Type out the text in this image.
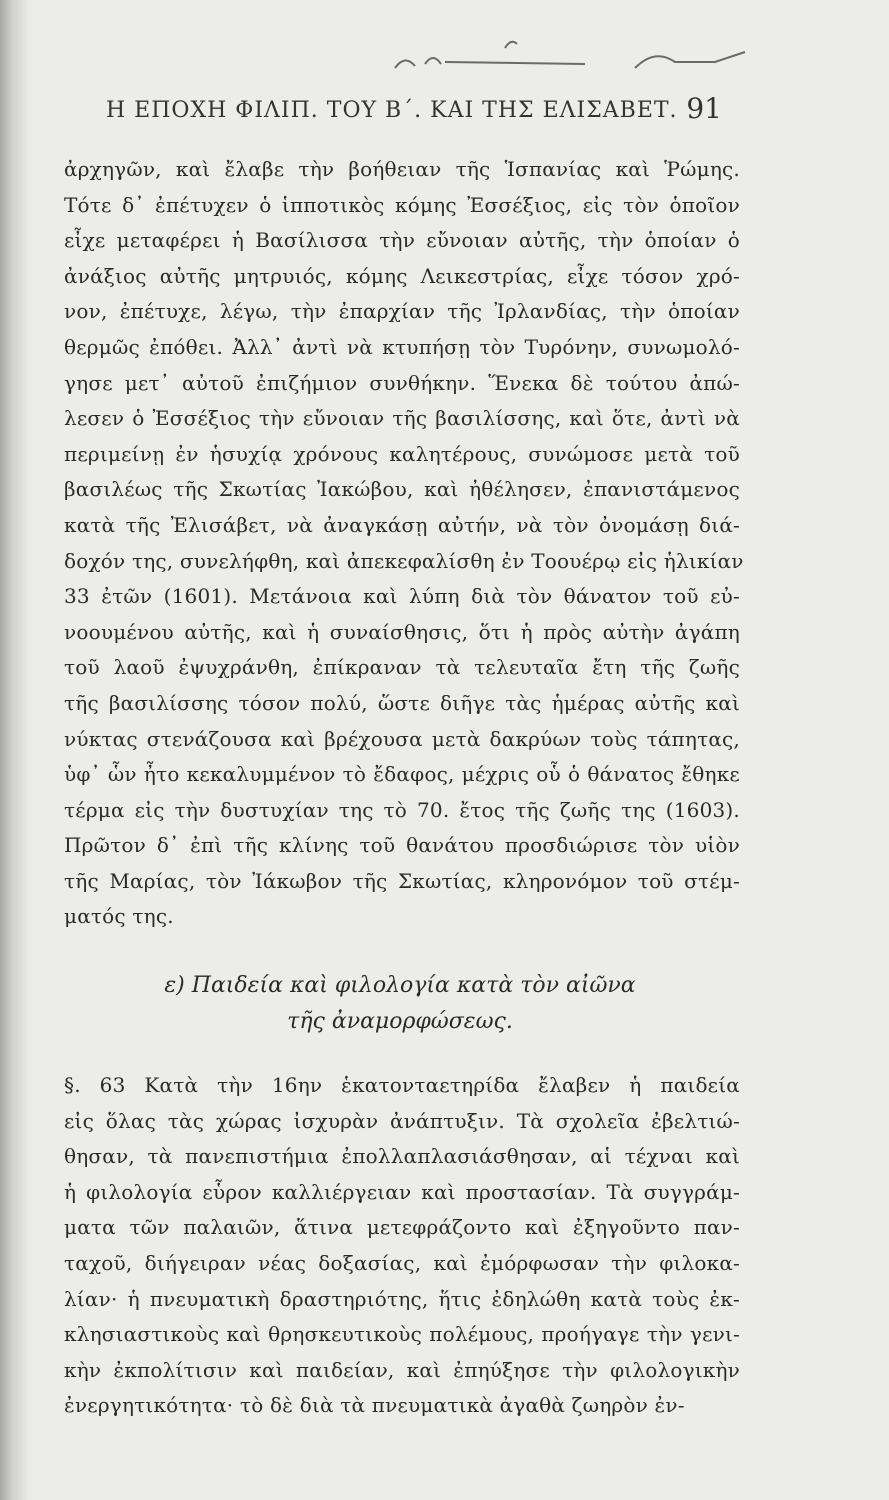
Η ΕΠΟΧΗ ΦΙΛΙΠ. ΤΟΥ Β΄. ΚΑΙ ΤΗΣ ΕΛΙΣΑΒΕΤ. 91
ἀρχηγῶν, καὶ ἔλαβε τὴν βοήθειαν τῆς Ἱσπανίας καὶ Ῥώμης.
Τότε δ᾽ ἐπέτυχεν ὁ ἱπποτικὸς κόμης Ἐσσέξιος, εἰς τὸν ὁποῖον
εἶχε μεταφέρει ἡ Βασίλισσα τὴν εὔνοιαν αὐτῆς, τὴν ὁποίαν ὁ
ἀνάξιος αὐτῆς μητρυιός, κόμης Λεικεστρίας, εἶχε τόσον χρό-
νον, ἐπέτυχε, λέγω, τὴν ἐπαρχίαν τῆς Ἰρλανδίας, τὴν ὁποίαν
θερμῶς ἐπόθει. Ἀλλ᾽ ἀντὶ νὰ κτυπήσῃ τὸν Τυρόνην, συνωμολό-
γησε μετ᾽ αὐτοῦ ἐπιζήμιον συνθήκην. Ἕνεκα δὲ τούτου ἀπώ-
λεσεν ὁ Ἐσσέξιος τὴν εὔνοιαν τῆς βασιλίσσης, καὶ ὅτε, ἀντὶ νὰ
περιμείνῃ ἐν ἡσυχίᾳ χρόνους καλητέρους, συνώμοσε μετὰ τοῦ
βασιλέως τῆς Σκωτίας Ἰακώβου, καὶ ἠθέλησεν, ἐπανιστάμενος
κατὰ τῆς Ἐλισάβετ, νὰ ἀναγκάσῃ αὐτήν, νὰ τὸν ὀνομάσῃ διά-
δοχόν της, συνελήφθη, καὶ ἀπεκεφαλίσθη ἐν Τοουέρῳ εἰς ἡλικίαν
33 ἐτῶν (1601). Μετάνοια καὶ λύπη διὰ τὸν θάνατον τοῦ εὐ-
νοουμένου αὐτῆς, καὶ ἡ συναίσθησις, ὅτι ἡ πρὸς αὐτὴν ἀγάπη
τοῦ λαοῦ ἐψυχράνθη, ἐπίκραναν τὰ τελευταῖα ἔτη τῆς ζωῆς
τῆς βασιλίσσης τόσον πολύ, ὥστε διῆγε τὰς ἡμέρας αὐτῆς καὶ
νύκτας στενάζουσα καὶ βρέχουσα μετὰ δακρύων τοὺς τάπητας,
ὑφ᾽ ὧν ἦτο κεκαλυμμένον τὸ ἔδαφος, μέχρις οὗ ὁ θάνατος ἔθηκε
τέρμα εἰς τὴν δυστυχίαν της τὸ 70. ἔτος τῆς ζωῆς της (1603).
Πρῶτον δ᾽ ἐπὶ τῆς κλίνης τοῦ θανάτου προσδιώρισε τὸν υἱὸν
τῆς Μαρίας, τὸν Ἰάκωβον τῆς Σκωτίας, κληρονόμον τοῦ στέμ-
ματός της.
ε) Παιδεία καὶ φιλολογία κατὰ τὸν αἰῶνα
τῆς ἀναμορφώσεως.
§. 63 Κατὰ τὴν 16ην ἑκατονταετηρίδα ἔλαβεν ἡ παιδεία
εἰς ὅλας τὰς χώρας ἰσχυρὰν ἀνάπτυξιν. Τὰ σχολεῖα ἐβελτιώ-
θησαν, τὰ πανεπιστήμια ἐπολλαπλασιάσθησαν, αἱ τέχναι καὶ
ἡ φιλολογία εὗρον καλλιέργειαν καὶ προστασίαν. Τὰ συγγράμ-
ματα τῶν παλαιῶν, ἅτινα μετεφράζοντο καὶ ἐξηγοῦντο παν-
ταχοῦ, διήγειραν νέας δοξασίας, καὶ ἐμόρφωσαν τὴν φιλοκα-
λίαν· ἡ πνευματικὴ δραστηριότης, ἥτις ἐδηλώθη κατὰ τοὺς ἐκ-
κλησιαστικοὺς καὶ θρησκευτικοὺς πολέμους, προήγαγε τὴν γενι-
κὴν ἐκπολίτισιν καὶ παιδείαν, καὶ ἐπηύξησε τὴν φιλολογικὴν
ἐνεργητικότητα· τὸ δὲ διὰ τὰ πνευματικὰ ἀγαθὰ ζωηρὸν ἐν-
